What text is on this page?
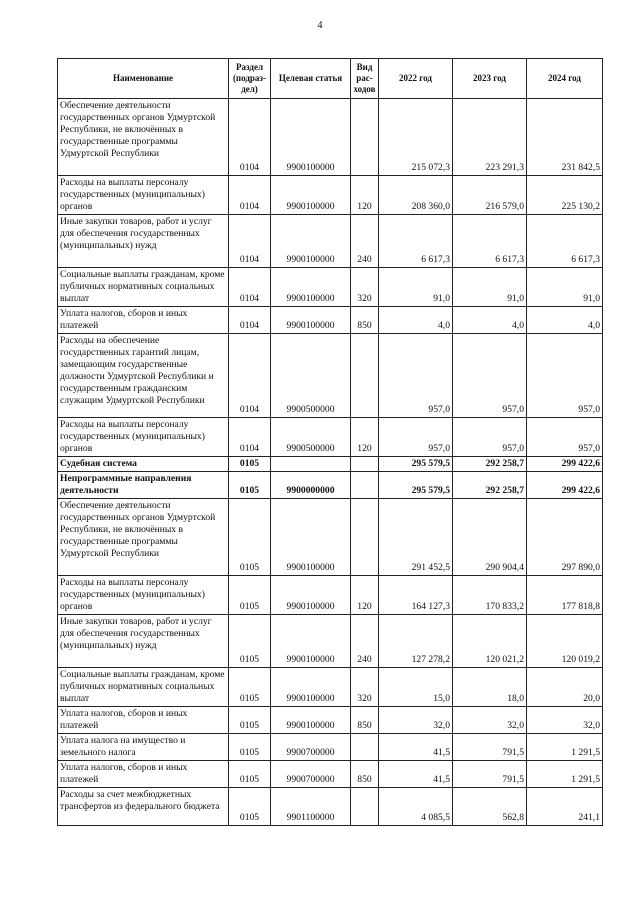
4
Наименование	Раздел (подраз-дел)	Целевая статья	Вид рас-ходов	2022 год	2023 год	2024 год
Обеспечение деятельности государственных органов Удмуртской Республики, не включённых в государственные программы Удмуртской Республики	0104	9900100000		215 072,3	223 291,3	231 842,5
Расходы на выплаты персоналу государственных (муниципальных) органов	0104	9900100000	120	208 360,0	216 579,0	225 130,2
Иные закупки товаров, работ и услуг для обеспечения государственных (муниципальных) нужд	0104	9900100000	240	6 617,3	6 617,3	6 617,3
Социальные выплаты гражданам, кроме публичных нормативных социальных выплат	0104	9900100000	320	91,0	91,0	91,0
Уплата налогов, сборов и иных платежей	0104	9900100000	850	4,0	4,0	4,0
Расходы на обеспечение государственных гарантий лицам, замещающим государственные должности Удмуртской Республики и государственным гражданским служащим Удмуртской Республики	0104	9900500000		957,0	957,0	957,0
Расходы на выплаты персоналу государственных (муниципальных) органов	0104	9900500000	120	957,0	957,0	957,0
Судебная система	0105			295 579,5	292 258,7	299 422,6
Непрограммные направления деятельности	0105	9900000000		295 579,5	292 258,7	299 422,6
Обеспечение деятельности государственных органов Удмуртской Республики, не включённых в государственные программы Удмуртской Республики	0105	9900100000		291 452,5	290 904,4	297 890,0
Расходы на выплаты персоналу государственных (муниципальных) органов	0105	9900100000	120	164 127,3	170 833,2	177 818,8
Иные закупки товаров, работ и услуг для обеспечения государственных (муниципальных) нужд	0105	9900100000	240	127 278,2	120 021,2	120 019,2
Социальные выплаты гражданам, кроме публичных нормативных социальных выплат	0105	9900100000	320	15,0	18,0	20,0
Уплата налогов, сборов и иных платежей	0105	9900100000	850	32,0	32,0	32,0
Уплата налога на имущество и земельного налога	0105	9900700000		41,5	791,5	1 291,5
Уплата налогов, сборов и иных платежей	0105	9900700000	850	41,5	791,5	1 291,5
Расходы за счет межбюджетных трансфертов из федерального бюджета	0105	9901100000		4 085,5	562,8	241,1
